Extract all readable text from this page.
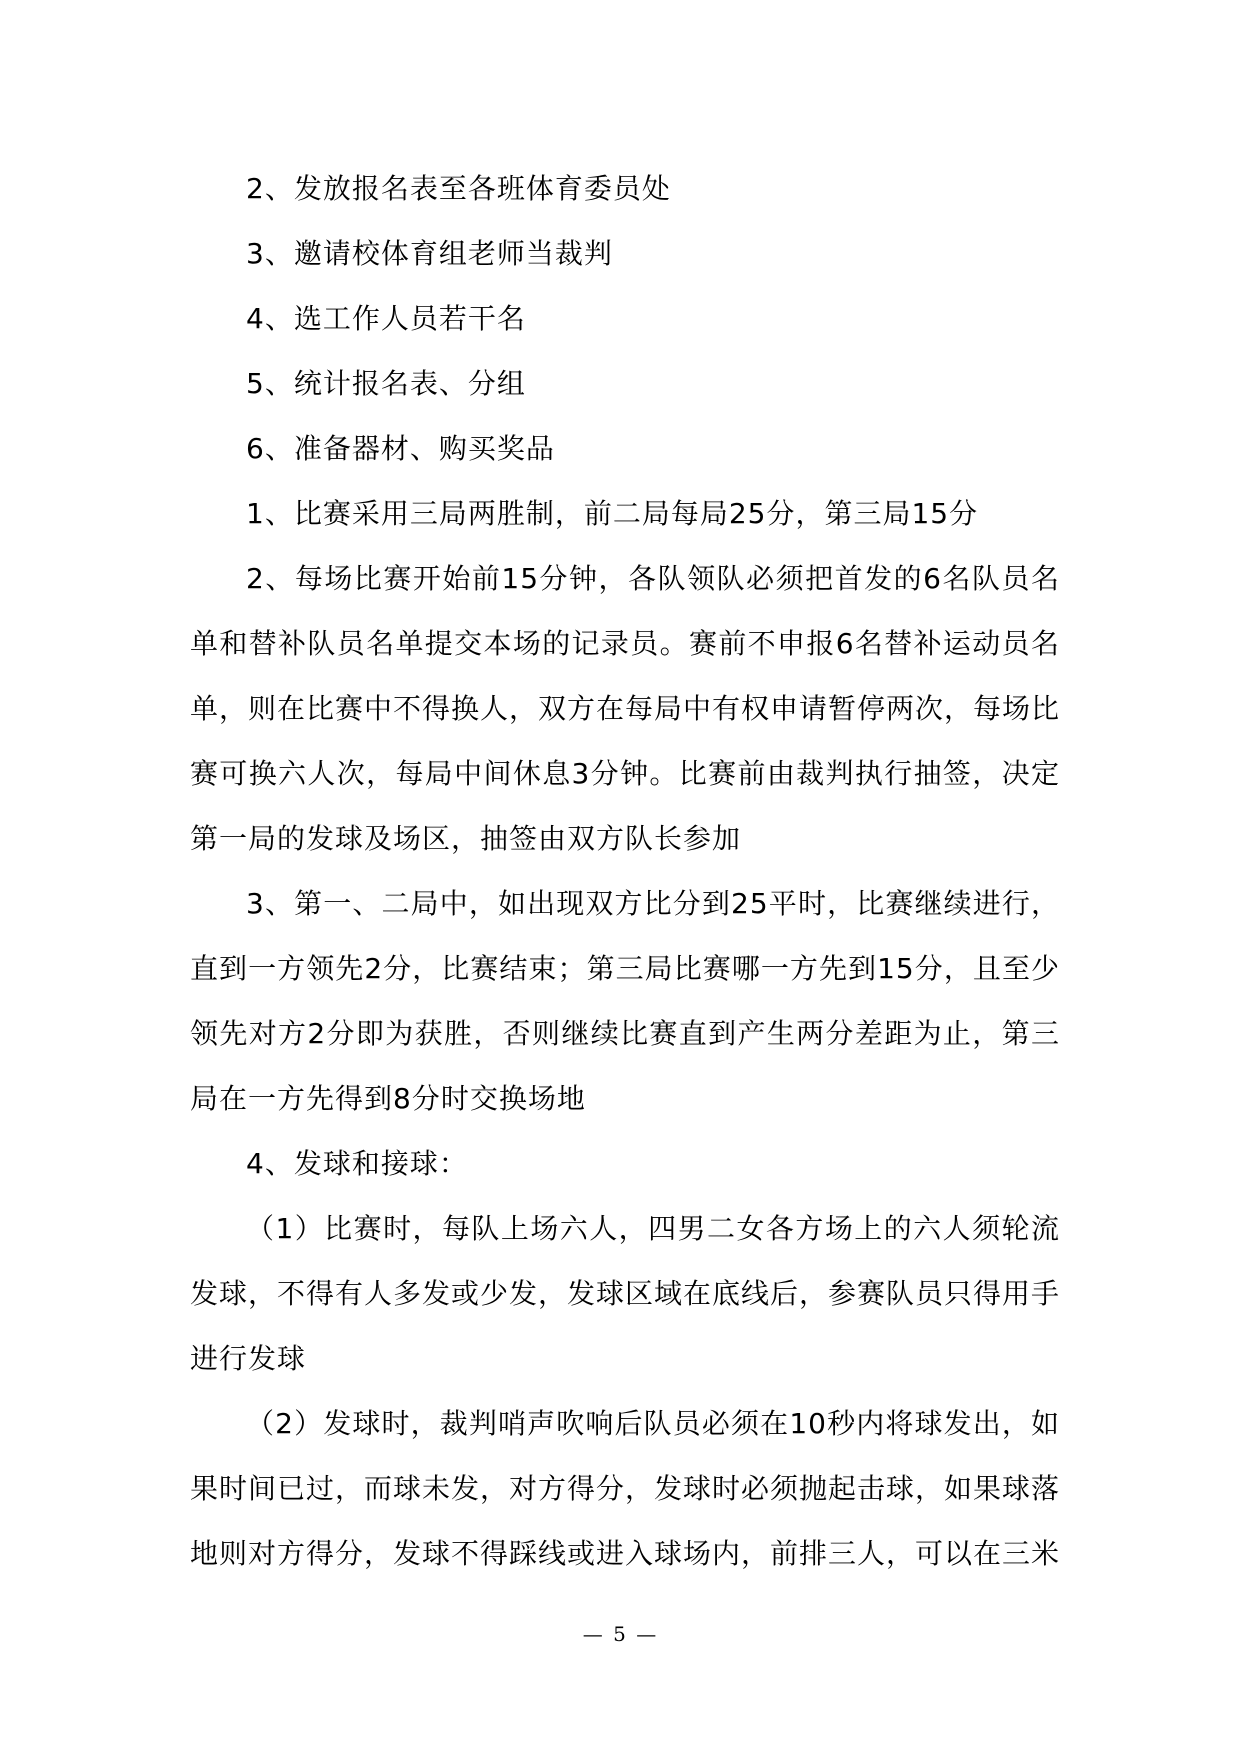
2、发放报名表至各班体育委员处

3、邀请校体育组老师当裁判

4、选工作人员若干名

5、统计报名表、分组

6、准备器材、购买奖品

1、比赛采用三局两胜制，前二局每局25分，第三局15分

2、每场比赛开始前15分钟，各队领队必须把首发的6名队员名单和替补队员名单提交本场的记录员。赛前不申报6名替补运动员名单，则在比赛中不得换人，双方在每局中有权申请暂停两次，每场比赛可换六人次，每局中间休息3分钟。比赛前由裁判执行抽签，决定第一局的发球及场区，抽签由双方队长参加

3、第一、二局中，如出现双方比分到25平时，比赛继续进行，直到一方领先2分，比赛结束；第三局比赛哪一方先到15分，且至少领先对方2分即为获胜，否则继续比赛直到产生两分差距为止，第三局在一方先得到8分时交换场地

4、发球和接球：

（1）比赛时，每队上场六人，四男二女各方场上的六人须轮流发球，不得有人多发或少发，发球区域在底线后，参赛队员只得用手进行发球

（2）发球时，裁判哨声吹响后队员必须在10秒内将球发出，如果时间已过，而球未发，对方得分，发球时必须抛起击球，如果球落地则对方得分，发球不得踩线或进入球场内，前排三人，可以在三米

— 5 —
